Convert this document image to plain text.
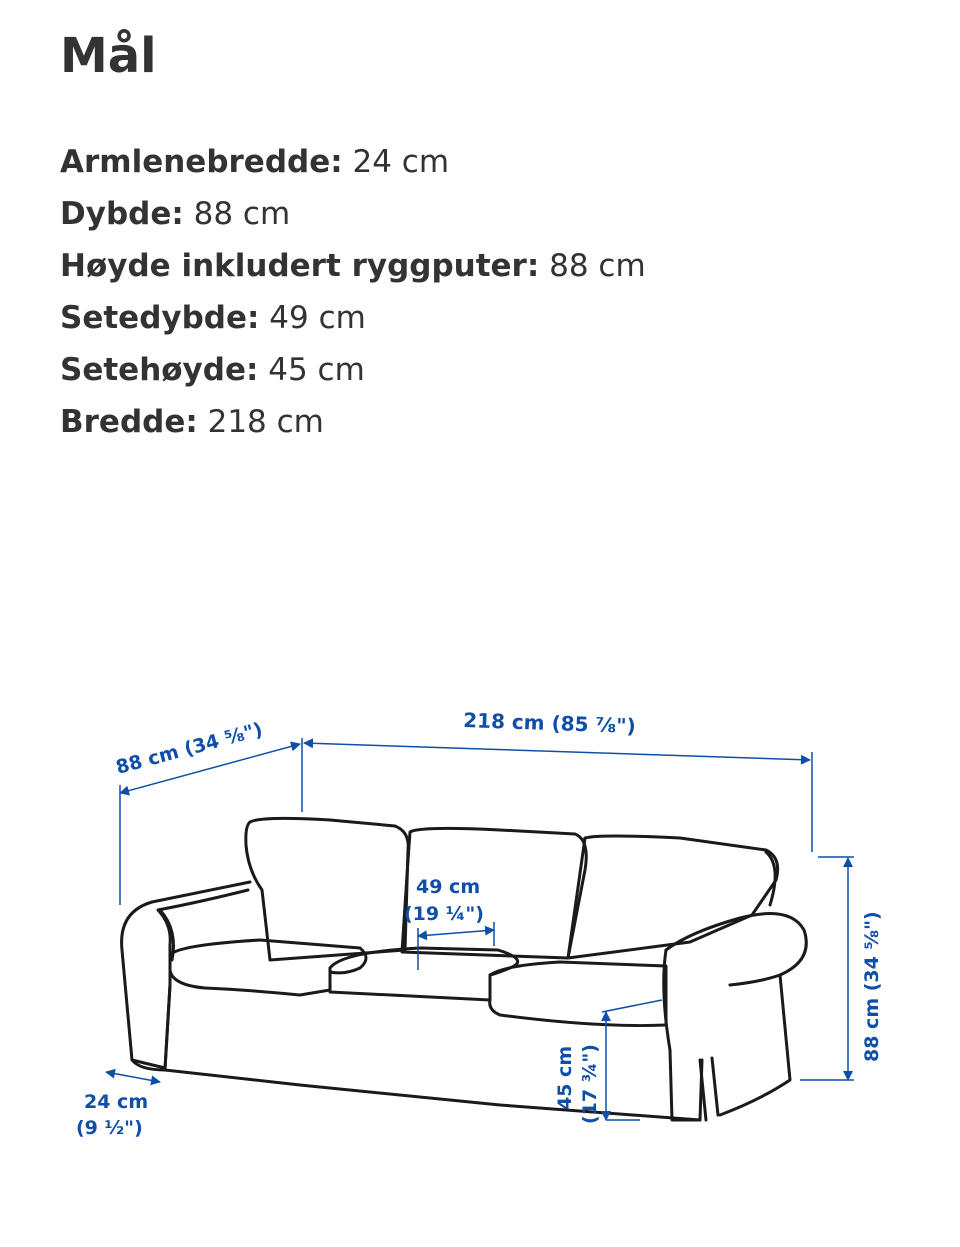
Mål
Armlenebredde: 24 cm
Dybde: 88 cm
Høyde inkludert ryggputer: 88 cm
Setedybde: 49 cm
Setehøyde: 45 cm
Bredde: 218 cm
88 cm (34 ⅝")	218 cm (85 ⅞")
88 cm (34 ⅝")
49 cm
(19 ¼")
45 cm (17 ¾")
24 cm
(9 ½")
